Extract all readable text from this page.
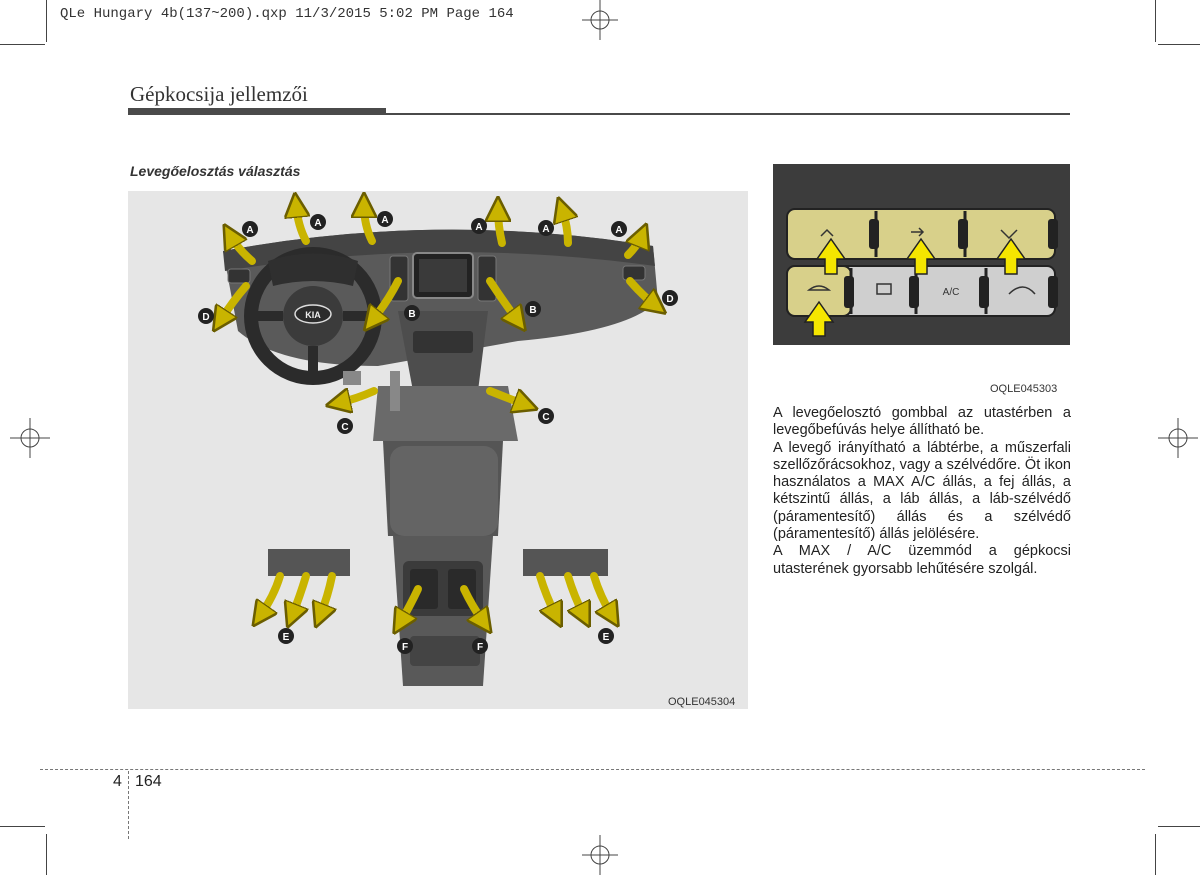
QLe Hungary 4b(137~200).qxp 11/3/2015 5:02 PM Page 164
Gépkocsija jellemzői
Levegőelosztás választás
KIA
A
A	A
A	A	A
B	B
C
C
D
D
E	E
F	F
OQLE045304
A/C
OQLE045303

A levegőelosztó gombbal az utastérben a levegőbefúvás helye állítható be.

A levegő irányítható a lábtérbe, a műszerfali szellőzőrácsokhoz, vagy a szélvédőre. Öt ikon használatos a MAX A/C állás, a fej állás, a kétszintű állás, a láb állás, a láb-szélvédő (páramentesítő) állás és a szélvédő (páramentesítő) állás jelölésére.

A MAX / A/C üzemmód a gépkocsi utasterének gyorsabb lehűtésére szolgál.

4 164
